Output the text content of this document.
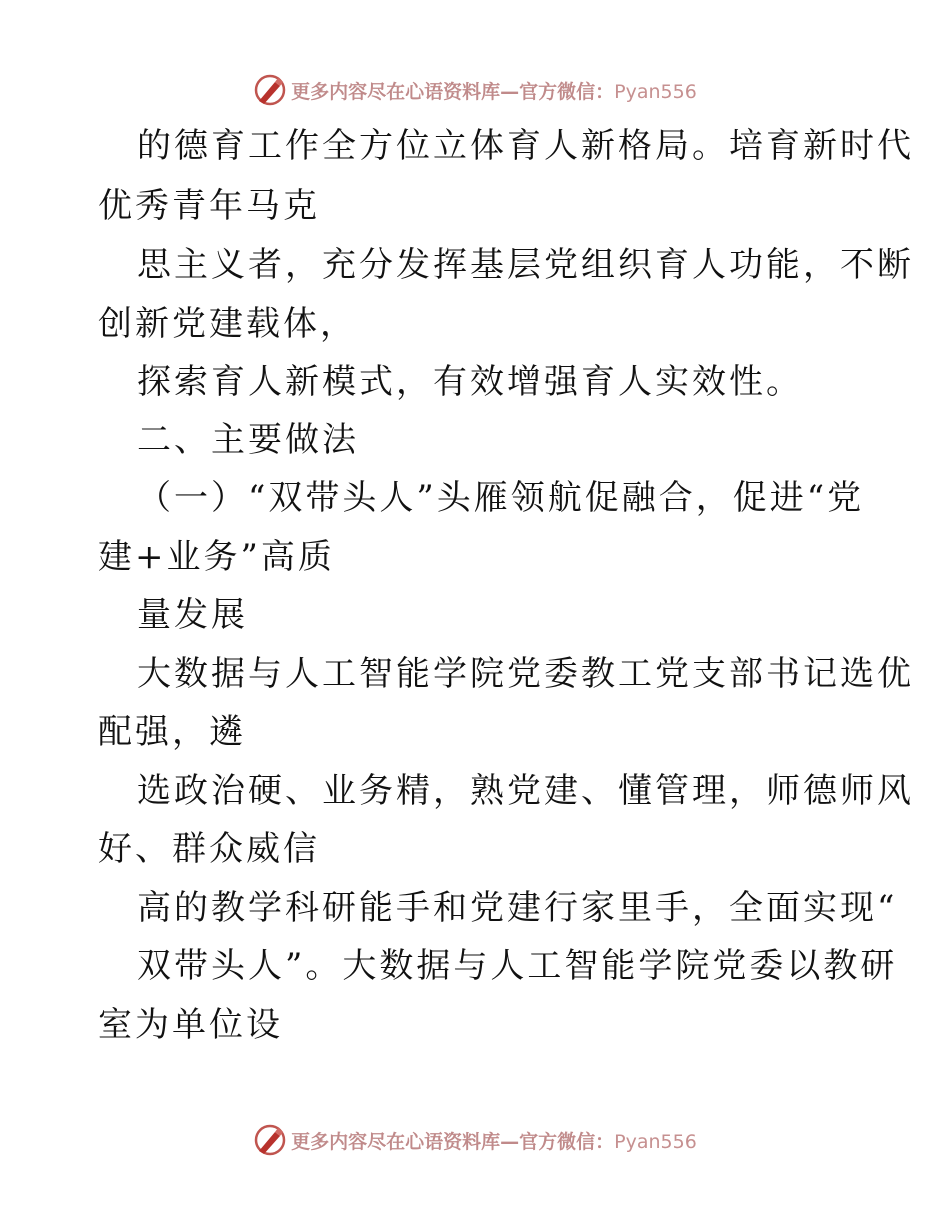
更多内容尽在心语资料库—官方微信：Pyan556
的德育工作全方位立体育人新格局。培育新时代
优秀青年马克
思主义者，充分发挥基层党组织育人功能，不断
创新党建载体，
探索育人新模式，有效增强育人实效性。
二、主要做法
（一）“双带头人”头雁领航促融合，促进“党
建+业务”高质
量发展
大数据与人工智能学院党委教工党支部书记选优
配强，遴
选政治硬、业务精，熟党建、懂管理，师德师风
好、群众威信
高的教学科研能手和党建行家里手，全面实现“
双带头人”。大数据与人工智能学院党委以教研
室为单位设
更多内容尽在心语资料库—官方微信：Pyan556
